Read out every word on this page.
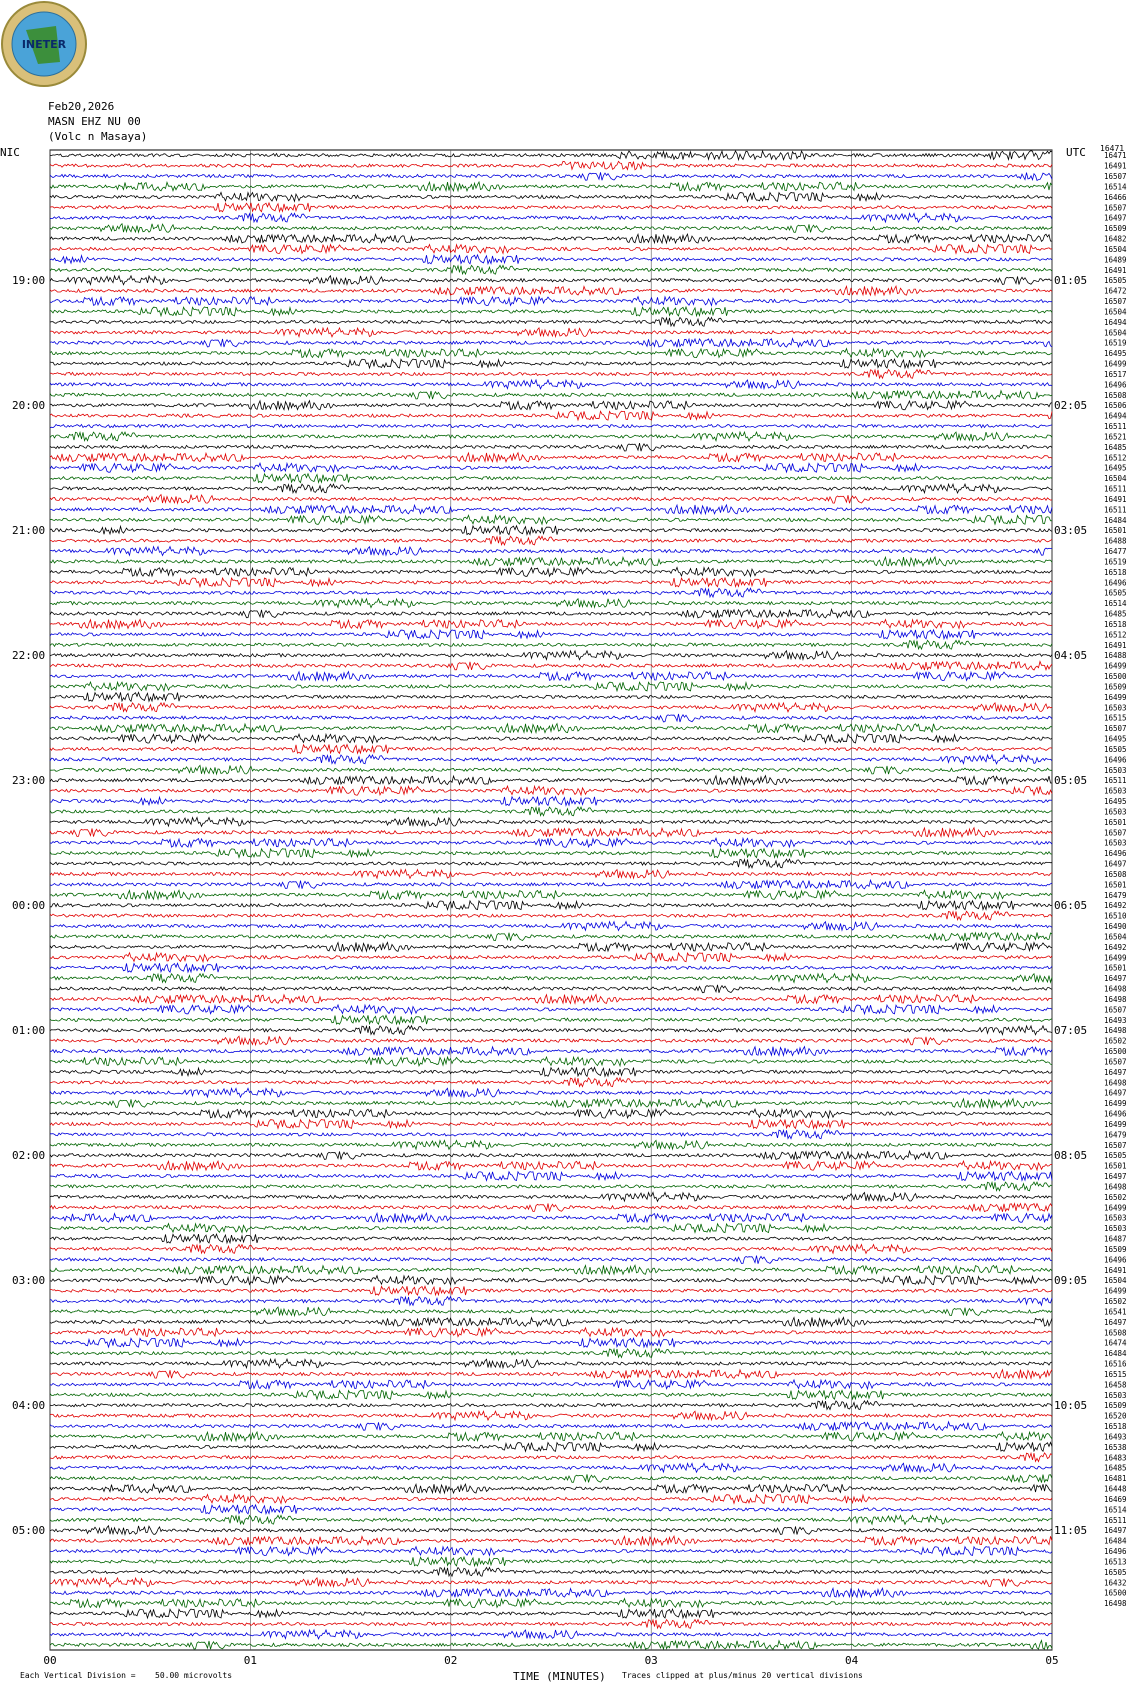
INETER
Feb20,2026
MASN EHZ NU 00
(Volc n Masaya)
NIC	UTC 16471
00	01	02	03	04	05
16471
16491
16507
16514
16466
16507
16497
16509
16482
16504
16489
16491
16505
16472
16507
16504
16494
16504
16519
16495
16499
16517
16496
16508
16506
16494
16511
16521
16485
16512
16495
16504
16511
16491
16511
16484
16501
16488
16477
16519
16518
16496
16505
16514
16485
16518
16512
16491
16488
16499
16500
16509
16499
16503
16515
16507
16495
16505
16496
16503
16511
16503
16495
16503
16501
16507
16503
16496
16497
16508
16501
16479
16492
16510
16490
16504
16492
16499
16501
16497
16498
16498
16507
16493
16498
16502
16500
16507
16497
16498
16497
16499
16496
16499
16479
16507
16505
16501
16497
16498
16502
16499
16503
16503
16487
16509
16496
16491
16504
16499
16502
16541
16497
16508
16474
16484
16516
16515
16458
16503
16509
16520
16518
16493
16538
16483
16485
16481
16448
16469
16514
16511
16497
16484
16496
16513
16505
16432
16500
16498
19:00	01:05
20:00	02:05
21:00	03:05
22:00	04:05
23:00	05:05
00:00	06:05
01:00	07:05
02:00	08:05
03:00	09:05
04:00	10:05
05:00	11:05
Each Vertical Division = 50.00 microvolts	TIME (MINUTES) Traces clipped at plus/minus 20 vertical divisions
